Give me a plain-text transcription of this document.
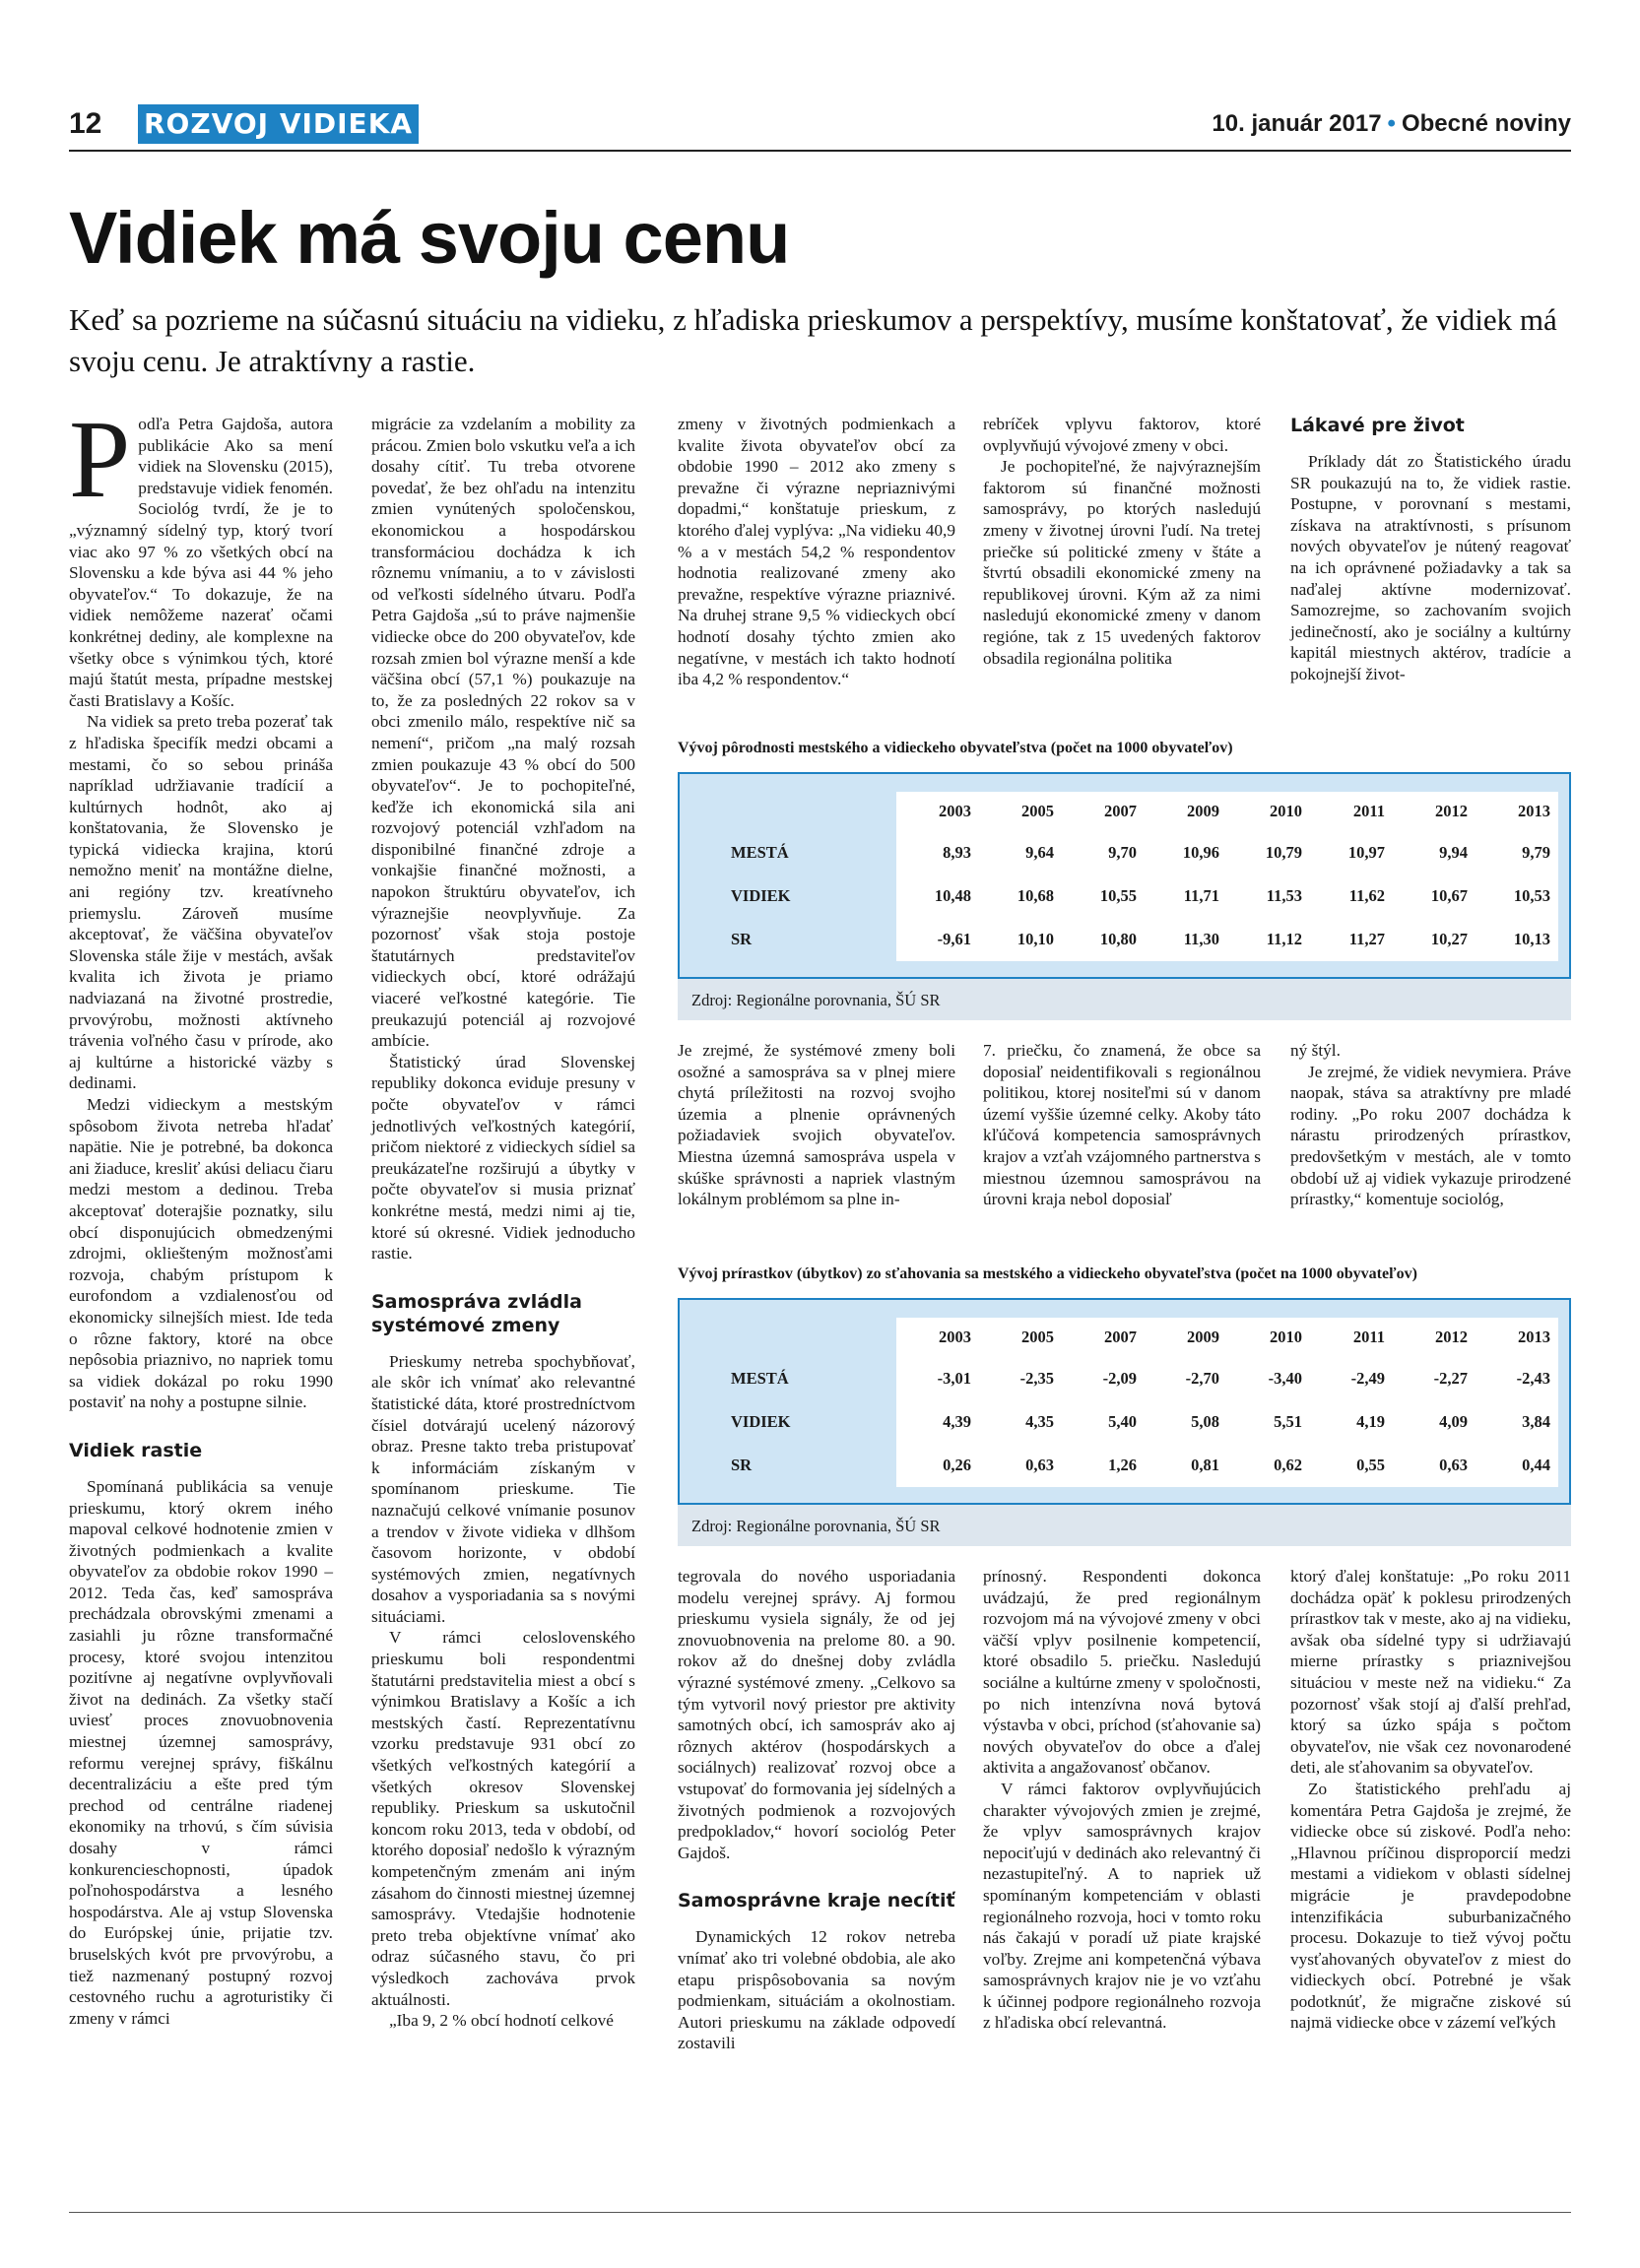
12 ROZVOJ VIDIEKA	10. január 2017 • Obecné noviny
Vidiek má svoju cenu
Keď sa pozrieme na súčasnú situáciu na vidieku, z hľadiska prieskumov a perspektívy, musíme konštatovať, že vidiek má svoju cenu. Je atraktívny a rastie.

Podľa Petra Gajdoša, autora publikácie Ako sa mení vidiek na Slovensku (2015), predstavuje vidiek fenomén. Sociológ tvrdí, že je to „významný sídelný typ, ktorý tvorí viac ako 97 % zo všetkých obcí na Slovensku a kde býva asi 44 % jeho obyvateľov.“ To dokazuje, že na vidiek nemôžeme nazerať očami konkrétnej dediny, ale komplexne na všetky obce s výnimkou tých, ktoré majú štatút mesta, prípadne mestskej časti Bratislavy a Košíc.

Na vidiek sa preto treba pozerať tak z hľadiska špecifík medzi obcami a mestami, čo so sebou prináša napríklad udržiavanie tradícií a kultúrnych hodnôt, ako aj konštatovania, že Slovensko je typická vidiecka krajina, ktorú nemožno meniť na montážne dielne, ani regióny tzv. kreatívneho priemyslu. Zároveň musíme akceptovať, že väčšina obyvateľov Slovenska stále žije v mestách, avšak kvalita ich života je priamo nadviazaná na životné prostredie, prvovýrobu, možnosti aktívneho trávenia voľného času v prírode, ako aj kultúrne a historické väzby s dedinami.

Medzi vidieckym a mestským spôsobom života netreba hľadať napätie. Nie je potrebné, ba dokonca ani žiaduce, kresliť akúsi deliacu čiaru medzi mestom a dedinou. Treba akceptovať doterajšie poznatky, silu obcí disponujúcich obmedzenými zdrojmi, okliešteným možnosťami rozvoja, chabým prístupom k eurofondom a vzdialenosťou od ekonomicky silnejších miest. Ide teda o rôzne faktory, ktoré na obce nepôsobia priaznivo, no napriek tomu sa vidiek dokázal po roku 1990 postaviť na nohy a postupne silnie.

Vidiek rastie

Spomínaná publikácia sa venuje prieskumu, ktorý okrem iného mapoval celkové hodnotenie zmien v životných podmienkach a kvalite obyvateľov za obdobie rokov 1990 – 2012. Teda čas, keď samospráva prechádzala obrovskými zmenami a zasiahli ju rôzne transformačné procesy, ktoré svojou intenzitou pozitívne aj negatívne ovplyvňovali život na dedinách. Za všetky stačí uviesť proces znovuobnovenia miestnej územnej samosprávy, reformu verejnej správy, fiškálnu decentralizáciu a ešte pred tým prechod od centrálne riadenej ekonomiky na trhovú, s čím súvisia dosahy v rámci konkurencieschopnosti, úpadok poľnohospodárstva a lesného hospodárstva. Ale aj vstup Slovenska do Európskej únie, prijatie tzv. bruselských kvót pre prvovýrobu, a tiež nazmenaný postupný rozvoj cestovného ruchu a agroturistiky či zmeny v rámci

migrácie za vzdelaním a mobility za prácou. Zmien bolo vskutku veľa a ich dosahy cítiť. Tu treba otvorene povedať, že bez ohľadu na intenzitu zmien vynútených spoločenskou, ekonomickou a hospodárskou transformáciou dochádza k ich rôznemu vnímaniu, a to v závislosti od veľkosti sídelného útvaru. Podľa Petra Gajdoša „sú to práve najmenšie vidiecke obce do 200 obyvateľov, kde rozsah zmien bol výrazne menší a kde väčšina obcí (57,1 %) poukazuje na to, že za posledných 22 rokov sa v obci zmenilo málo, respektíve nič sa nemení“, pričom „na malý rozsah zmien poukazuje 43 % obcí do 500 obyvateľov“. Je to pochopiteľné, keďže ich ekonomická sila ani rozvojový potenciál vzhľadom na disponibilné finančné zdroje a vonkajšie finančné možnosti, a napokon štruktúru obyvateľov, ich výraznejšie neovplyvňuje. Za pozornosť však stoja postoje štatutárnych predstaviteľov vidieckych obcí, ktoré odrážajú viaceré veľkostné kategórie. Tie preukazujú potenciál aj rozvojové ambície.

Štatistický úrad Slovenskej republiky dokonca eviduje presuny v počte obyvateľov v rámci jednotlivých veľkostných kategórií, pričom niektoré z vidieckych sídiel sa preukázateľne rozširujú a úbytky v počte obyvateľov si musia priznať konkrétne mestá, medzi nimi aj tie, ktoré sú okresné. Vidiek jednoducho rastie.

Samospráva zvládla systémové zmeny

Prieskumy netreba spochybňovať, ale skôr ich vnímať ako relevantné štatistické dáta, ktoré prostredníctvom čísiel dotvárajú ucelený názorový obraz. Presne takto treba pristupovať k informáciám získaným v spomínanom prieskume. Tie naznačujú celkové vnímanie posunov a trendov v živote vidieka v dlhšom časovom horizonte, v období systémových zmien, negatívnych dosahov a vysporiadania sa s novými situáciami.

V rámci celoslovenského prieskumu boli respondentmi štatutárni predstavitelia miest a obcí s výnimkou Bratislavy a Košíc a ich mestských častí. Reprezentatívnu vzorku predstavuje 931 obcí zo všetkých veľkostných kategórií a všetkých okresov Slovenskej republiky. Prieskum sa uskutočnil koncom roku 2013, teda v období, od ktorého doposiaľ nedošlo k výrazným kompetenčným zmenám ani iným zásahom do činnosti miestnej územnej samosprávy. Vtedajšie hodnotenie preto treba objektívne vnímať ako odraz súčasného stavu, čo pri výsledkoch zachováva prvok aktuálnosti.

„Iba 9, 2 % obcí hodnotí celkové

zmeny v životných podmienkach a kvalite života obyvateľov obcí za obdobie 1990 – 2012 ako zmeny s prevažne či výrazne nepriaznivými dopadmi,“ konštatuje prieskum, z ktorého ďalej vyplýva: „Na vidieku 40,9 % a v mestách 54,2 % respondentov hodnotia realizované zmeny ako prevažne, respektíve výrazne priaznivé. Na druhej strane 9,5 % vidieckych obcí hodnotí dosahy týchto zmien ako negatívne, v mestách ich takto hodnotí iba 4,2 % respondentov.“

rebríček vplyvu faktorov, ktoré ovplyvňujú vývojové zmeny v obci.

Je pochopiteľné, že najvýraznejším faktorom sú finančné možnosti samosprávy, po ktorých nasledujú zmeny v životnej úrovni ľudí. Na tretej priečke sú politické zmeny v štáte a štvrtú obsadili ekonomické zmeny na republikovej úrovni. Kým až za nimi nasledujú ekonomické zmeny v danom regióne, tak z 15 uvedených faktorov obsadila regionálna politika

Lákavé pre život

Príklady dát zo Štatistického úradu SR poukazujú na to, že vidiek rastie. Postupne, v porovnaní s mestami, získava na atraktívnosti, s prísunom nových obyvateľov je nútený reagovať na ich oprávnené požiadavky a tak sa naďalej aktívne modernizovať. Samozrejme, so zachovaním svojich jedinečností, ako je sociálny a kultúrny kapitál miestnych aktérov, tradície a pokojnejší život-

Vývoj pôrodnosti mestského a vidieckeho obyvateľstva (počet na 1000 obyvateľov)
	2003	2005	2007	2009	2010	2011	2012	2013
MESTÁ	8,93	9,64	9,70	10,96	10,79	10,97	9,94	9,79
VIDIEK	10,48	10,68	10,55	11,71	11,53	11,62	10,67	10,53
SR	-9,61	10,10	10,80	11,30	11,12	11,27	10,27	10,13
Zdroj: Regionálne porovnania, ŠÚ SR

Je zrejmé, že systémové zmeny boli osožné a samospráva sa v plnej miere chytá príležitosti na rozvoj svojho územia a plnenie oprávnených požiadaviek svojich obyvateľov. Miestna územná samospráva uspela v skúške správnosti a napriek vlastným lokálnym problémom sa plne in-

7. priečku, čo znamená, že obce sa doposiaľ neidentifikovali s regionálnou politikou, ktorej nositeľmi sú v danom území vyššie územné celky. Akoby táto kľúčová kompetencia samosprávnych krajov a vzťah vzájomného partnerstva s miestnou územnou samosprávou na úrovni kraja nebol doposiaľ

ný štýl.

Je zrejmé, že vidiek nevymiera. Práve naopak, stáva sa atraktívny pre mladé rodiny. „Po roku 2007 dochádza k nárastu prirodzených prírastkov, predovšetkým v mestách, ale v tomto období už aj vidiek vykazuje prirodzené prírastky,“ komentuje sociológ,

Vývoj prírastkov (úbytkov) zo sťahovania sa mestského a vidieckeho obyvateľstva (počet na 1000 obyvateľov)
	2003	2005	2007	2009	2010	2011	2012	2013
MESTÁ	-3,01	-2,35	-2,09	-2,70	-3,40	-2,49	-2,27	-2,43
VIDIEK	4,39	4,35	5,40	5,08	5,51	4,19	4,09	3,84
SR	0,26	0,63	1,26	0,81	0,62	0,55	0,63	0,44
Zdroj: Regionálne porovnania, ŠÚ SR

tegrovala do nového usporiadania modelu verejnej správy. Aj formou prieskumu vysiela signály, že od jej znovuobnovenia na prelome 80. a 90. rokov až do dnešnej doby zvládla výrazné systémové zmeny. „Celkovo sa tým vytvoril nový priestor pre aktivity samotných obcí, ich samospráv ako aj rôznych aktérov (hospodárskych a sociálnych) realizovať rozvoj obce a vstupovať do formovania jej sídelných a životných podmienok a rozvojových predpokladov,“ hovorí sociológ Peter Gajdoš.

Samosprávne kraje necítiť

Dynamických 12 rokov netreba vnímať ako tri volebné obdobia, ale ako etapu prispôsobovania sa novým podmienkam, situáciám a okolnostiam. Autori prieskumu na základe odpovedí zostavili

prínosný. Respondenti dokonca uvádzajú, že pred regionálnym rozvojom má na vývojové zmeny v obci väčší vplyv posilnenie kompetencií, ktoré obsadilo 5. priečku. Nasledujú sociálne a kultúrne zmeny v spoločnosti, po nich intenzívna nová bytová výstavba v obci, príchod (sťahovanie sa) nových obyvateľov do obce a ďalej aktivita a angažovanosť občanov.

V rámci faktorov ovplyvňujúcich charakter vývojových zmien je zrejmé, že vplyv samosprávnych krajov nepociťujú v dedinách ako relevantný či nezastupiteľný. A to napriek už spomínaným kompetenciám v oblasti regionálneho rozvoja, hoci v tomto roku nás čakajú v poradí už piate krajské voľby. Zrejme ani kompetenčná výbava samosprávnych krajov nie je vo vzťahu k účinnej podpore regionálneho rozvoja z hľadiska obcí relevantná.

ktorý ďalej konštatuje: „Po roku 2011 dochádza opäť k poklesu prirodzených prírastkov tak v meste, ako aj na vidieku, avšak oba sídelné typy si udržiavajú mierne prírastky s priaznivejšou situáciou v meste než na vidieku.“ Za pozornosť však stojí aj ďalší prehľad, ktorý sa úzko spája s počtom obyvateľov, nie však cez novonarodené deti, ale sťahovanim sa obyvateľov.

Zo štatistického prehľadu aj komentára Petra Gajdoša je zrejmé, že vidiecke obce sú ziskové. Podľa neho: „Hlavnou príčinou disproporcií medzi mestami a vidiekom v oblasti sídelnej migrácie je pravdepodobne intenzifikácia suburbanizačného procesu. Dokazuje to tiež vývoj počtu vysťahovaných obyvateľov z miest do vidieckych obcí. Potrebné je však podotknúť, že migračne ziskové sú najmä vidiecke obce v zázemí veľkých
